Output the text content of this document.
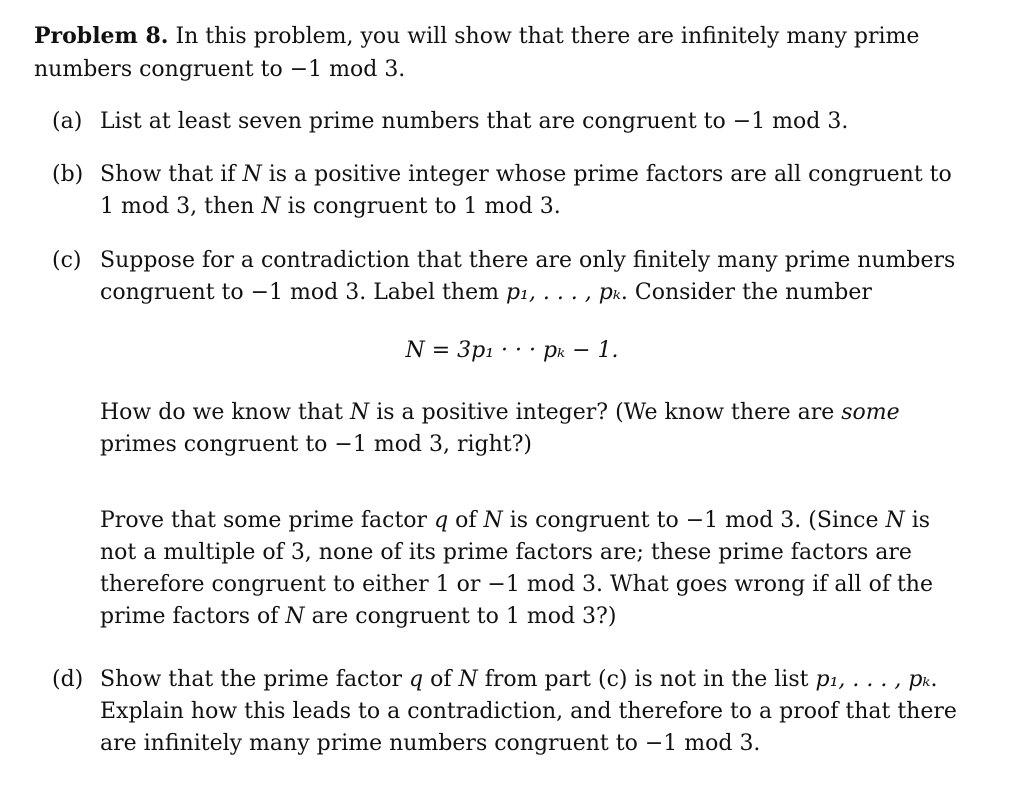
Problem 8. In this problem, you will show that there are infinitely many prime numbers congruent to −1 mod 3.
(a) List at least seven prime numbers that are congruent to −1 mod 3.
(b) Show that if N is a positive integer whose prime factors are all congruent to 1 mod 3, then N is congruent to 1 mod 3.
(c) Suppose for a contradiction that there are only finitely many prime numbers congruent to −1 mod 3. Label them p₁, . . . , pₖ. Consider the number
(d) Show that the prime factor q of N from part (c) is not in the list p₁, . . . , pₖ. Explain how this leads to a contradiction, and therefore to a proof that there are infinitely many prime numbers congruent to −1 mod 3.
N = 3p₁ · · · pₖ − 1.
How do we know that N is a positive integer? (We know there are some primes congruent to −1 mod 3, right?)
Prove that some prime factor q of N is congruent to −1 mod 3. (Since N is not a multiple of 3, none of its prime factors are; these prime factors are therefore congruent to either 1 or −1 mod 3. What goes wrong if all of the prime factors of N are congruent to 1 mod 3?)
